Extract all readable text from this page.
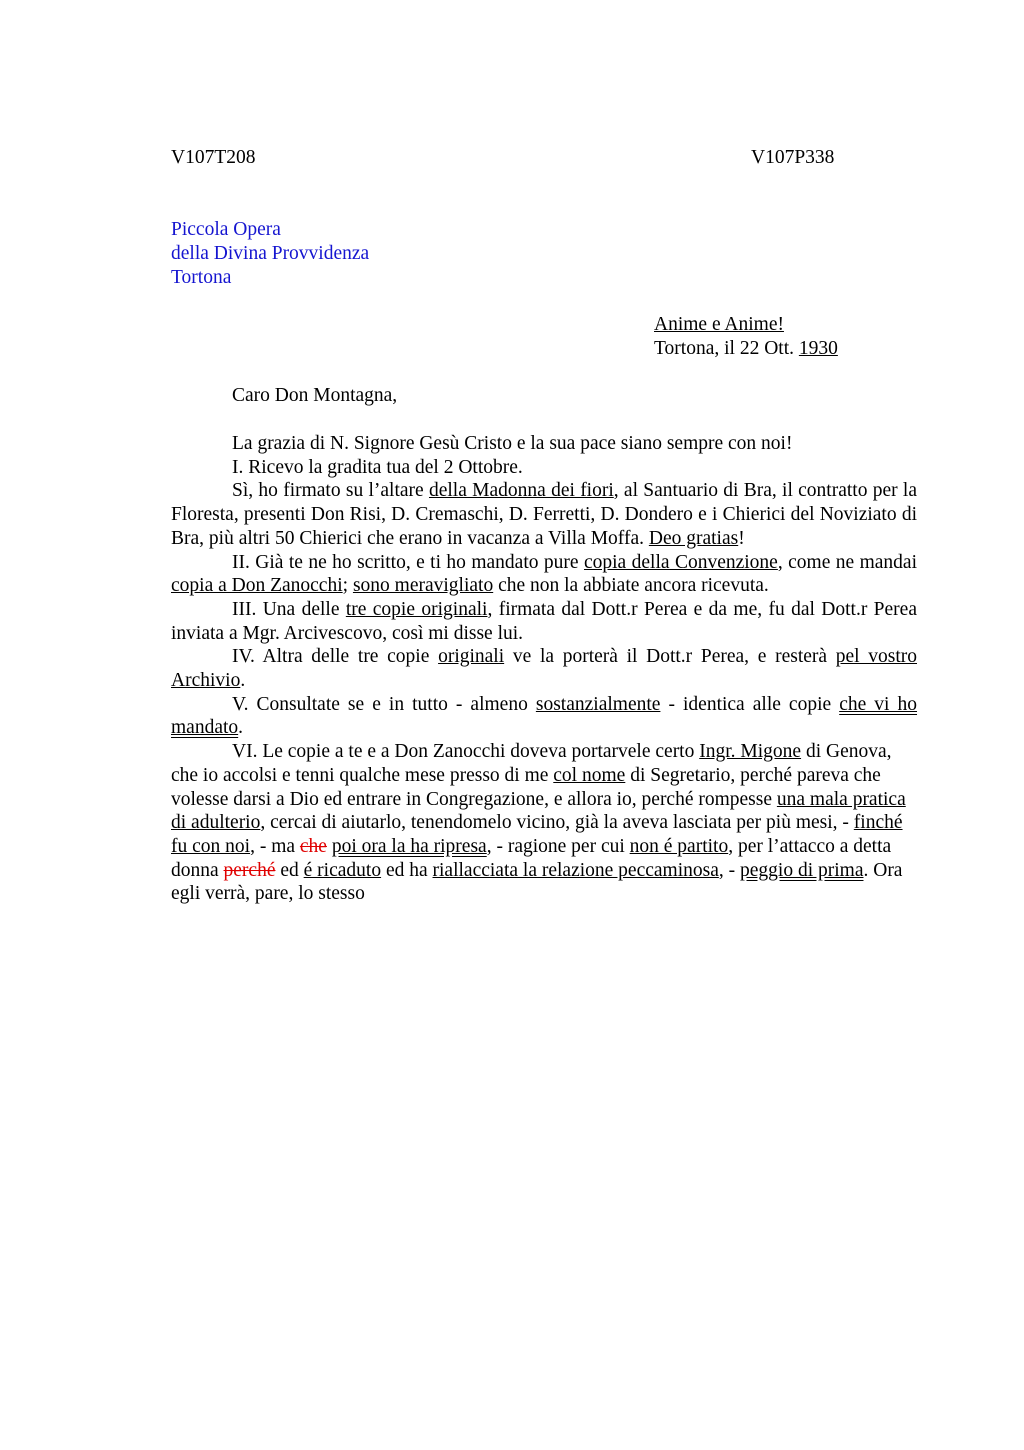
V107T208	V107P338
Piccola Opera
della Divina Provvidenza
Tortona
Anime e Anime!
Tortona, il 22 Ott. 1930
Caro Don Montagna,

La grazia di N. Signore Gesù Cristo e la sua pace siano sempre con noi!

I. Ricevo la gradita tua del 2 Ottobre.

Sì, ho firmato su l’altare della Madonna dei fiori, al Santuario di Bra, il contratto per la Floresta, presenti Don Risi, D. Cremaschi, D. Ferretti, D. Dondero e i Chierici del Noviziato di Bra, più altri 50 Chierici che erano in vacanza a Villa Moffa. Deo gratias!

II. Già te ne ho scritto, e ti ho mandato pure copia della Convenzione, come ne mandai copia a Don Zanocchi; sono meravigliato che non la abbiate ancora ricevuta.

III. Una delle tre copie originali, firmata dal Dott.r Perea e da me, fu dal Dott.r Perea inviata a Mgr. Arcivescovo, così mi disse lui.

IV. Altra delle tre copie originali ve la porterà il Dott.r Perea, e resterà pel vostro Archivio.

V. Consultate se e in tutto - almeno sostanzialmente - identica alle copie che vi ho mandato.

VI. Le copie a te e a Don Zanocchi doveva portarvele certo Ingr. Migone di Genova, che io accolsi e tenni qualche mese presso di me col nome di Segretario, perché pareva che volesse darsi a Dio ed entrare in Congregazione, e allora io, perché rompesse una mala pratica di adulterio, cercai di aiutarlo, tenendomelo vicino, già la aveva lasciata per più mesi, - finché fu con noi, - ma che poi ora la ha ripresa, - ragione per cui non é partito, per l’attacco a detta donna perché ed é ricaduto ed ha riallacciata la relazione peccaminosa, - peggio di prima. Ora egli verrà, pare, lo stesso
